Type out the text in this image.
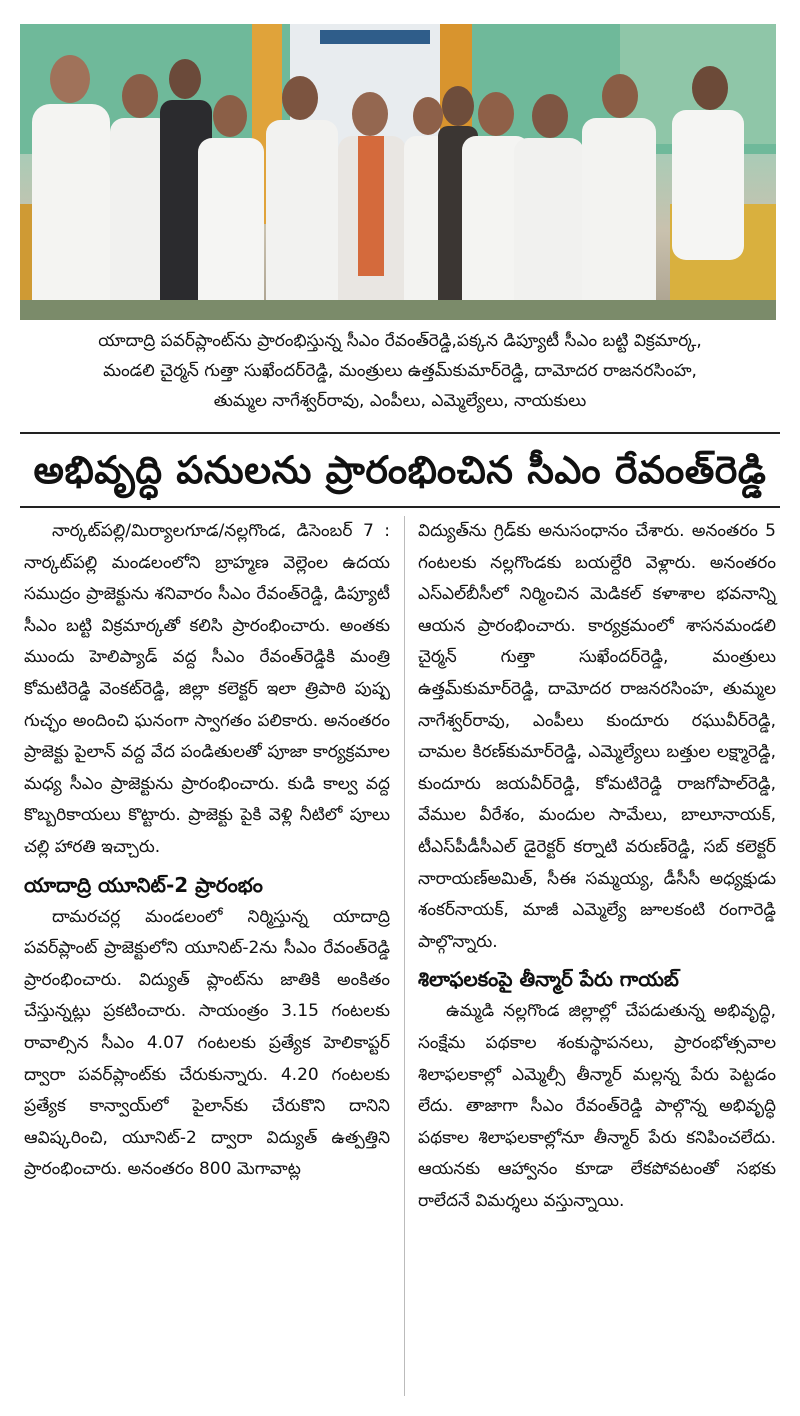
యాదాద్రి పవర్‌ప్లాంట్‌ను ప్రారంభిస్తున్న సీఎం రేవంత్‌రెడ్డి,పక్కన డిప్యూటీ సీఎం బట్టి విక్రమార్క,
మండలి చైర్మన్ గుత్తా సుఖేందర్‌రెడ్డి, మంత్రులు ఉత్తమ్‌కుమార్‌రెడ్డి, దామోదర రాజనరసింహ,
తుమ్మల నాగేశ్వర్‌రావు, ఎంపీలు, ఎమ్మెల్యేలు, నాయకులు
అభివృద్ధి పనులను ప్రారంభించిన సీఎం రేవంత్‌రెడ్డి

నార్కట్‌పల్లి/మిర్యాలగూడ/నల్లగొండ, డిసెంబర్ 7 : నార్కట్‌పల్లి మండలంలోని బ్రాహ్మణ వెల్లెంల ఉదయ సముద్రం ప్రాజెక్టును శనివారం సీఎం రేవంత్‌రెడ్డి, డిప్యూటీ సీఎం బట్టి విక్రమార్కతో కలిసి ప్రారంభించారు. అంతకు ముందు హెలిప్యాడ్ వద్ద సీఎం రేవంత్‌రెడ్డికి మంత్రి కోమటిరెడ్డి వెంకట్‌రెడ్డి, జిల్లా కలెక్టర్ ఇలా త్రిపాఠి పుష్ప గుచ్ఛం అందించి ఘనంగా స్వాగతం పలికారు. అనంతరం ప్రాజెక్టు పైలాన్ వద్ద వేద పండితులతో పూజా కార్యక్రమాల మధ్య సీఎం ప్రాజెక్టును ప్రారంభించారు. కుడి కాల్వ వద్ద కొబ్బరికాయలు కొట్టారు. ప్రాజెక్టు పైకి వెళ్లి నీటిలో పూలు చల్లి హారతి ఇచ్చారు.

యాదాద్రి యూనిట్-2 ప్రారంభం

దామరచర్ల మండలంలో నిర్మిస్తున్న యాదాద్రి పవర్‌ప్లాంట్ ప్రాజెక్టులోని యూనిట్-2ను సీఎం రేవంత్‌రెడ్డి ప్రారంభించారు. విద్యుత్ ప్లాంట్‌ను జాతికి అంకితం చేస్తున్నట్లు ప్రకటించారు. సాయంత్రం 3.15 గంటలకు రావాల్సిన సీఎం 4.07 గంటలకు ప్రత్యేక హెలికాప్టర్ ద్వారా పవర్‌ప్లాంట్‌కు చేరుకున్నారు. 4.20 గంటలకు ప్రత్యేక కాన్వాయ్‌లో పైలాన్‌కు చేరుకొని దానిని ఆవిష్కరించి, యూనిట్-2 ద్వారా విద్యుత్ ఉత్పత్తిని ప్రారంభించారు. అనంతరం 800 మెగావాట్ల

విద్యుత్‌ను గ్రిడ్‌కు అనుసంధానం చేశారు. అనంతరం 5 గంటలకు నల్లగొండకు బయల్దేరి వెళ్లారు. అనంతరం ఎస్‌ఎల్‌బీసీలో నిర్మించిన మెడికల్ కళాశాల భవనాన్ని ఆయన ప్రారంభించారు. కార్యక్రమంలో శాసనమండలి చైర్మన్ గుత్తా సుఖేందర్‌రెడ్డి, మంత్రులు ఉత్తమ్‌కుమార్‌రెడ్డి, దామోదర రాజనరసింహ, తుమ్మల నాగేశ్వర్‌రావు, ఎంపీలు కుందూరు రఘువీర్‌రెడ్డి, చామల కిరణ్‌కుమార్‌రెడ్డి, ఎమ్మెల్యేలు బత్తుల లక్ష్మారెడ్డి, కుందూరు జయవీర్‌రెడ్డి, కోమటిరెడ్డి రాజగోపాల్‌రెడ్డి, వేముల వీరేశం, మందుల సామేలు, బాలూనాయక్, టీఎస్‌పీడీసీఎల్ డైరెక్టర్ కర్నాటి వరుణ్‌రెడ్డి, సబ్ కలెక్టర్ నారాయణ్‌అమిత్, సీఈ సమ్మయ్య, డీసీసీ అధ్యక్షుడు శంకర్‌నాయక్, మాజీ ఎమ్మెల్యే జూలకంటి రంగారెడ్డి పాల్గొన్నారు.

శిలాఫలకంపై తీన్మార్ పేరు గాయబ్

ఉమ్మడి నల్లగొండ జిల్లాల్లో చేపడుతున్న అభివృద్ధి, సంక్షేమ పథకాల శంకుస్థాపనలు, ప్రారంభోత్సవాల శిలాఫలకాల్లో ఎమ్మెల్సీ తీన్మార్ మల్లన్న పేరు పెట్టడం లేదు. తాజాగా సీఎం రేవంత్‌రెడ్డి పాల్గొన్న అభివృద్ధి పథకాల శిలాఫలకాల్లోనూ తీన్మార్ పేరు కనిపించలేదు. ఆయనకు ఆహ్వానం కూడా లేకపోవటంతో సభకు రాలేదనే విమర్శలు వస్తున్నాయి.
